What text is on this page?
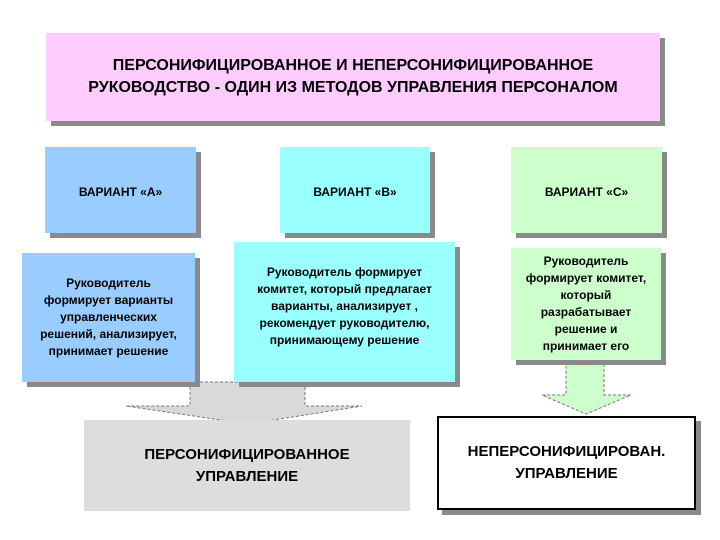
ПЕРСОНИФИЦИРОВАННОЕ И НЕПЕРСОНИФИЦИРОВАННОЕ
РУКОВОДСТВО - ОДИН ИЗ МЕТОДОВ УПРАВЛЕНИЯ ПЕРСОНАЛОМ
ВАРИАНТ «А»	ВАРИАНТ «В»	ВАРИАНТ «С»
Руководитель
формирует варианты
управленческих
решений, анализирует,
принимает решение
Руководитель формирует
комитет, который предлагает
варианты, анализирует ,
рекомендует руководителю,
принимающему решение
Руководитель
формирует комитет,
который
разрабатывает
решение и
принимает его
ПЕРСОНИФИЦИРОВАННОЕ
УПРАВЛЕНИЕ
НЕПЕРСОНИФИЦИРОВАН.
УПРАВЛЕНИЕ
